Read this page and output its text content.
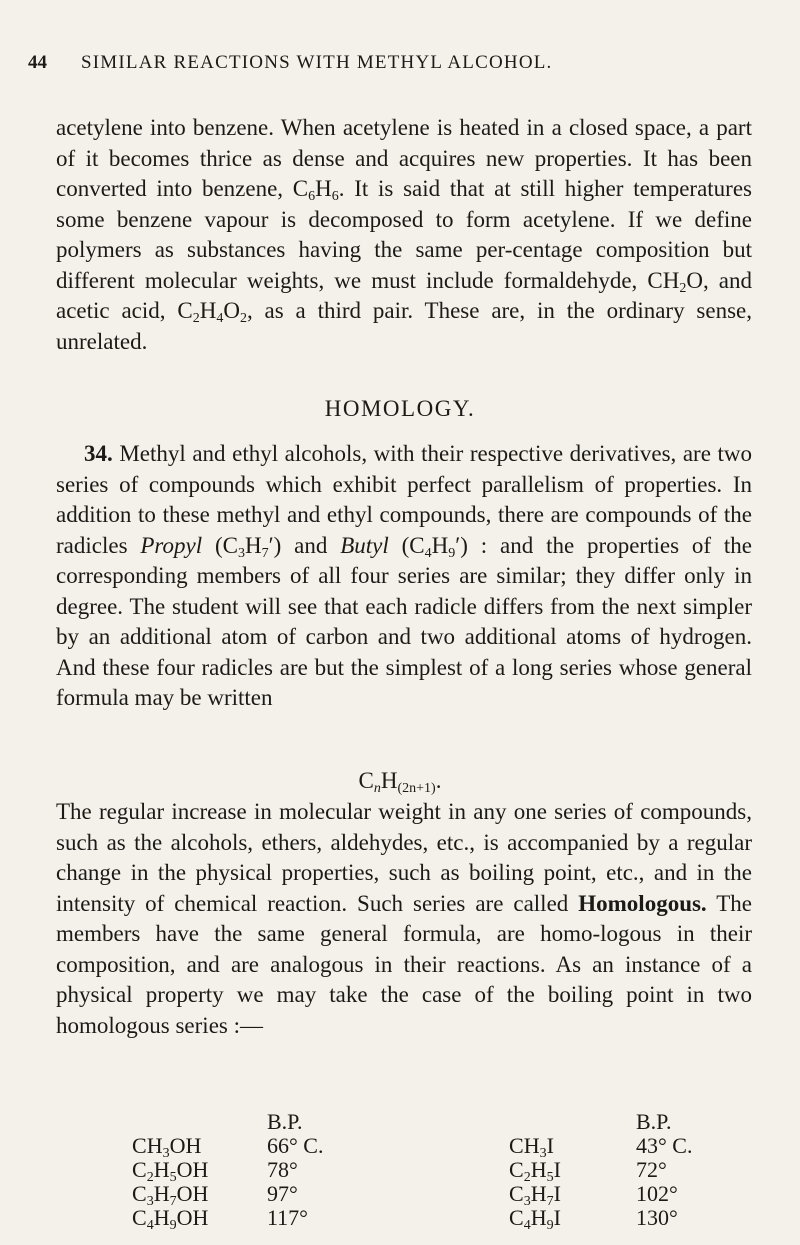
44 SIMILAR REACTIONS WITH METHYL ALCOHOL.
acetylene into benzene. When acetylene is heated in a closed space, a part of it becomes thrice as dense and acquires new properties. It has been converted into benzene, $C_6H_6$. It is said that at still higher temperatures some benzene vapour is decomposed to form acetylene. If we define polymers as substances having the same per-centage composition but different molecular weights, we must include formaldehyde, $CH_2O$, and acetic acid, $C_2H_4O_2$, as a third pair. These are, in the ordinary sense, unrelated.
HOMOLOGY.
34. Methyl and ethyl alcohols, with their respective derivatives, are two series of compounds which exhibit perfect parallelism of properties. In addition to these methyl and ethyl compounds, there are compounds of the radicles Propyl $(C_3H_7')$ and Butyl $(C_4H_9')$ : and the properties of the corresponding members of all four series are similar; they differ only in degree. The student will see that each radicle differs from the next simpler by an additional atom of carbon and two additional atoms of hydrogen. And these four radicles are but the simplest of a long series whose general formula may be written
$C_nH_{(2n+1)}$.
The regular increase in molecular weight in any one series of compounds, such as the alcohols, ethers, aldehydes, etc., is accompanied by a regular change in the physical properties, such as boiling point, etc., and in the intensity of chemical reaction. Such series are called Homologous. The members have the same general formula, are homo-logous in their composition, and are analogous in their reactions. As an instance of a physical property we may take the case of the boiling point in two homologous series :—

$CH_3OH$
$C_2H_5OH$
$C_3H_7OH$
$C_4H_9OH$
B.P.
66° C.
78°
97°
117°

$CH_3I$
$C_2H_5I$
$C_3H_7I$
$C_4H_9I$
B.P.
43° C.
72°
102°
130°
